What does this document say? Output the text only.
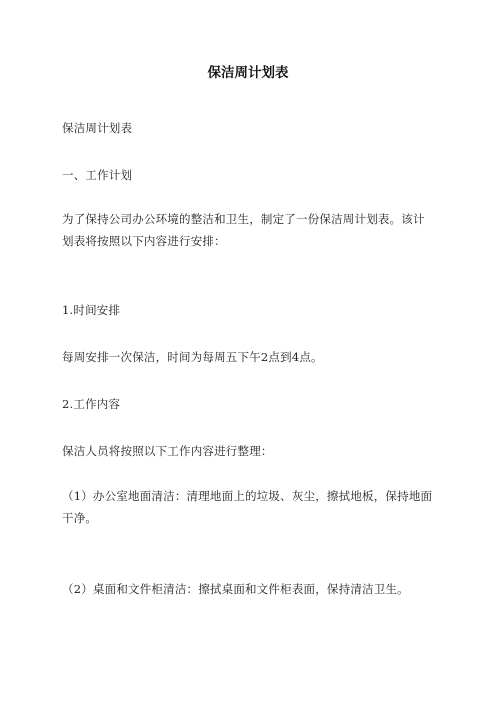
保洁周计划表

保洁周计划表

一、工作计划

为了保持公司办公环境的整洁和卫生，制定了一份保洁周计划表。该计划表将按照以下内容进行安排：

1.时间安排

每周安排一次保洁，时间为每周五下午2点到4点。

2.工作内容

保洁人员将按照以下工作内容进行整理：

（1）办公室地面清洁：清理地面上的垃圾、灰尘，擦拭地板，保持地面干净。

（2）桌面和文件柜清洁：擦拭桌面和文件柜表面，保持清洁卫生。
